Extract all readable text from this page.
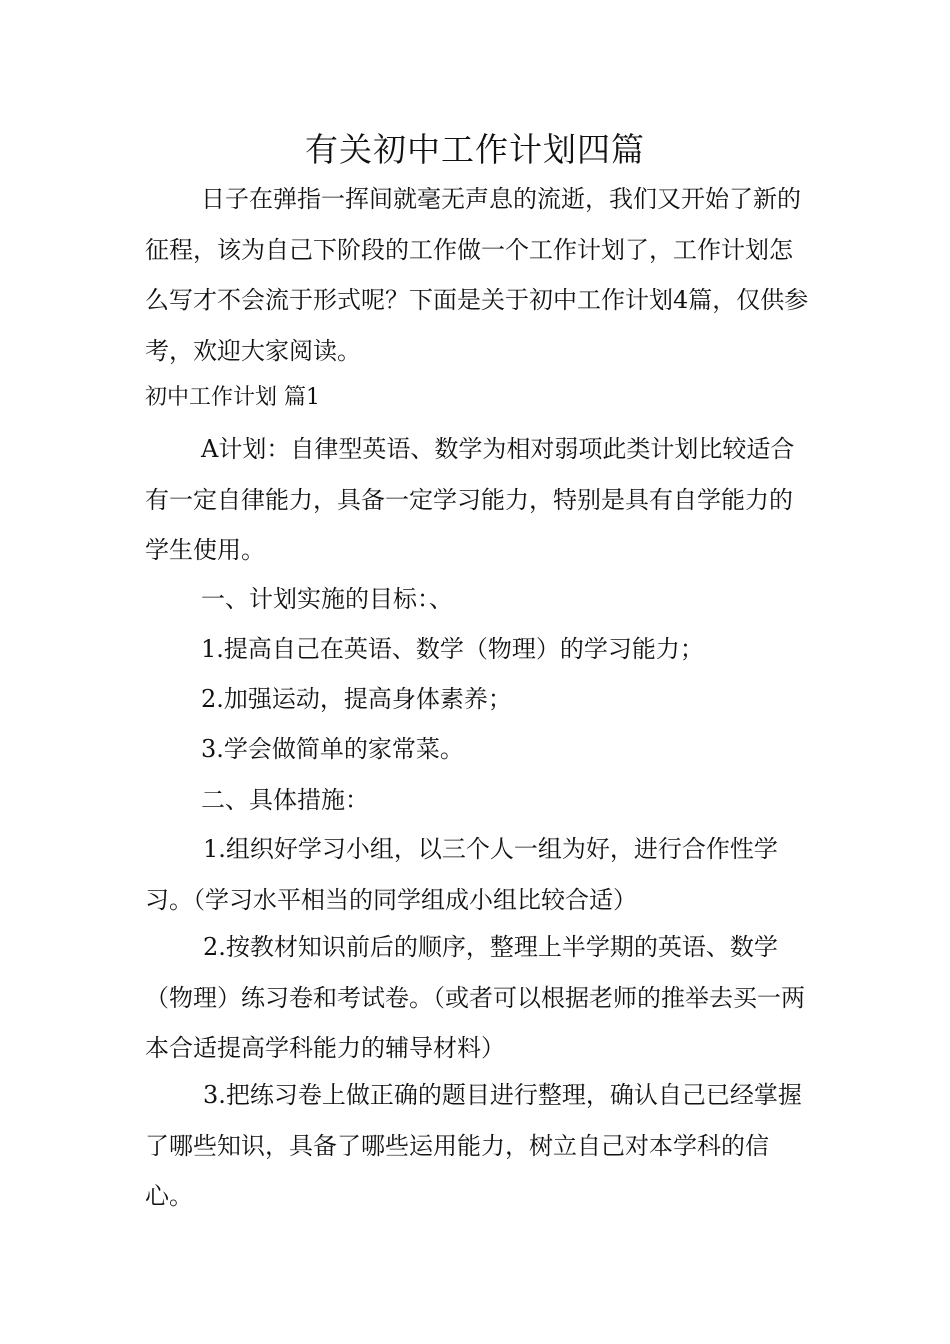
有关初中工作计划四篇

日子在弹指一挥间就毫无声息的流逝，我们又开始了新的征程，该为自己下阶段的工作做一个工作计划了，工作计划怎么写才不会流于形式呢？下面是关于初中工作计划4篇，仅供参考，欢迎大家阅读。

初中工作计划 篇1

A计划：自律型英语、数学为相对弱项此类计划比较适合有一定自律能力，具备一定学习能力，特别是具有自学能力的学生使用。

一、计划实施的目标：、

1.提高自己在英语、数学（物理）的学习能力；

2.加强运动，提高身体素养；

3.学会做简单的家常菜。

二、具体措施：

1.组织好学习小组，以三个人一组为好，进行合作性学习。（学习水平相当的同学组成小组比较合适）

2.按教材知识前后的顺序，整理上半学期的英语、数学（物理）练习卷和考试卷。（或者可以根据老师的推举去买一两本合适提高学科能力的辅导材料）

3.把练习卷上做正确的题目进行整理，确认自己已经掌握了哪些知识，具备了哪些运用能力，树立自己对本学科的信心。
